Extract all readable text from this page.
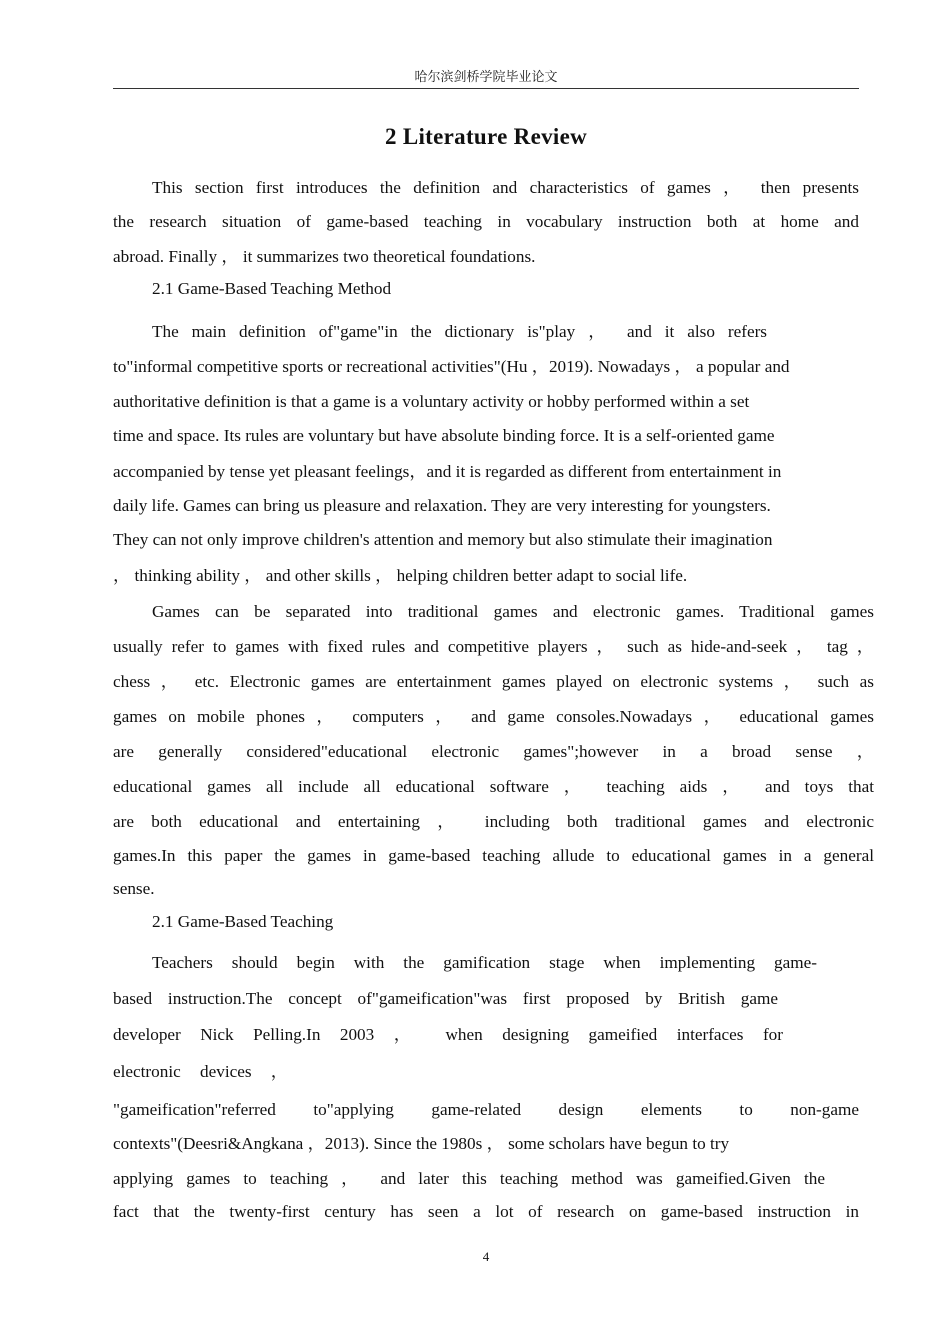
哈尔滨剑桥学院毕业论文
2 Literature Review
This section first introduces the definition and characteristics of games ， then presents
the research situation of game-based teaching in vocabulary instruction both at home and
abroad. Finally ， it summarizes two theoretical foundations.
2.1 Game-Based Teaching Method
The main definition of"game"in the dictionary is"play ， and it also refers
to"informal competitive sports or recreational activities"(Hu ，2019). Nowadays ， a popular and
authoritative definition is that a game is a voluntary activity or hobby performed within a set
time and space. Its rules are voluntary but have absolute binding force. It is a self-oriented game
accompanied by tense yet pleasant feelings，and it is regarded as different from entertainment in
daily life. Games can bring us pleasure and relaxation. They are very interesting for youngsters.
They can not only improve children's attention and memory but also stimulate their imagination
， thinking ability ， and other skills ， helping children better adapt to social life.
Games can be separated into traditional games and electronic games. Traditional games
usually refer to games with fixed rules and competitive players ， such as hide-and-seek ， tag ，
chess ， etc. Electronic games are entertainment games played on electronic systems ， such as
games on mobile phones ， computers ， and game consoles.Nowadays ， educational games
are generally considered"educational electronic games";however in a broad sense ，
educational games all include all educational software ， teaching aids ， and toys that
are both educational and entertaining ， including both traditional games and electronic
games.In this paper the games in game-based teaching allude to educational games in a general
sense.
2.1 Game-Based Teaching
Teachers should begin with the gamification stage when implementing game-
based instruction.The concept of"gameification"was first proposed by British game
developer Nick Pelling.In 2003 ， when designing gameified interfaces for
electronic devices ，
"gameification"referred to"applying game-related design elements to non-game
contexts"(Deesri&Angkana ，2013). Since the 1980s ， some scholars have begun to try
applying games to teaching ， and later this teaching method was gameified.Given the
fact that the twenty-first century has seen a lot of research on game-based instruction in
4
